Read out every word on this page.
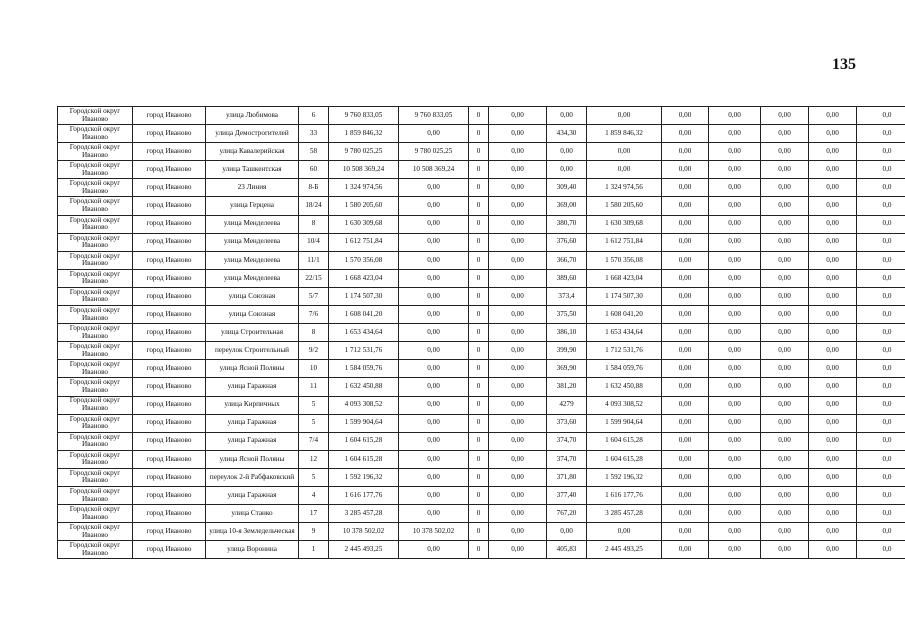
135
Городской округ Иваново	город Иваново	улица Любимова	6	9 760 833,05	9 760 833,05	0	0,00	0,00	0,00	0,00	0,00	0,00	0,00	0,0
Городской округ Иваново	город Иваново	улица Демострогителей	33	1 859 846,32	0,00	0	0,00	434,30	1 859 846,32	0,00	0,00	0,00	0,00	0,0
Городской округ Иваново	город Иваново	улица Кавалерийская	58	9 780 025,25	9 780 025,25	0	0,00	0,00	0,00	0,00	0,00	0,00	0,00	0,0
Городской округ Иваново	город Иваново	улица Ташкентская	60	10 508 369,24	10 508 369,24	0	0,00	0,00	0,00	0,00	0,00	0,00	0,00	0,0
Городской округ Иваново	город Иваново	23 Линия	8-Б	1 324 974,56	0,00	0	0,00	309,40	1 324 974,56	0,00	0,00	0,00	0,00	0,0
Городской округ Иваново	город Иваново	улица Герцена	18/24	1 580 205,60	0,00	0	0,00	369,00	1 580 205,60	0,00	0,00	0,00	0,00	0,0
Городской округ Иваново	город Иваново	улица Менделеева	8	1 630 309,68	0,00	0	0,00	380,70	1 630 309,68	0,00	0,00	0,00	0,00	0,0
Городской округ Иваново	город Иваново	улица Менделеева	10/4	1 612 751,84	0,00	0	0,00	376,60	1 612 751,84	0,00	0,00	0,00	0,00	0,0
Городской округ Иваново	город Иваново	улица Менделеева	11/1	1 570 356,08	0,00	0	0,00	366,70	1 570 356,08	0,00	0,00	0,00	0,00	0,0
Городской округ Иваново	город Иваново	улица Менделеева	22/15	1 668 423,04	0,00	0	0,00	389,60	1 668 423,04	0,00	0,00	0,00	0,00	0,0
Городской округ Иваново	город Иваново	улица Союзная	5/7	1 174 507,30	0,00	0	0,00	373,4	1 174 507,30	0,00	0,00	0,00	0,00	0,0
Городской округ Иваново	город Иваново	улица Союзная	7/6	1 608 041,20	0,00	0	0,00	375,50	1 608 041,20	0,00	0,00	0,00	0,00	0,0
Городской округ Иваново	город Иваново	улица Строительная	8	1 653 434,64	0,00	0	0,00	386,10	1 653 434,64	0,00	0,00	0,00	0,00	0,0
Городской округ Иваново	город Иваново	переулок Строительный	9/2	1 712 531,76	0,00	0	0,00	399,90	1 712 531,76	0,00	0,00	0,00	0,00	0,0
Городской округ Иваново	город Иваново	улица Ясной Поляны	10	1 584 059,76	0,00	0	0,00	369,90	1 584 059,76	0,00	0,00	0,00	0,00	0,0
Городской округ Иваново	город Иваново	улица Гаражная	11	1 632 450,88	0,00	0	0,00	381,20	1 632 450,88	0,00	0,00	0,00	0,00	0,0
Городской округ Иваново	город Иваново	улица Кирпичных	5	4 093 308,52	0,00	0	0,00	4279	4 093 308,52	0,00	0,00	0,00	0,00	0,0
Городской округ Иваново	город Иваново	улица Гаражная	5	1 599 904,64	0,00	0	0,00	373,60	1 599 904,64	0,00	0,00	0,00	0,00	0,0
Городской округ Иваново	город Иваново	улица Гаражная	7/4	1 604 615,28	0,00	0	0,00	374,70	1 604 615,28	0,00	0,00	0,00	0,00	0,0
Городской округ Иваново	город Иваново	улица Ясной Поляны	12	1 604 615,28	0,00	0	0,00	374,70	1 604 615,28	0,00	0,00	0,00	0,00	0,0
Городской округ Иваново	город Иваново	переулок 2-й Рабфаковский	5	1 592 196,32	0,00	0	0,00	371,80	1 592 196,32	0,00	0,00	0,00	0,00	0,0
Городской округ Иваново	город Иваново	улица Гаражная	4	1 616 177,76	0,00	0	0,00	377,40	1 616 177,76	0,00	0,00	0,00	0,00	0,0
Городской округ Иваново	город Иваново	улица Станко	17	3 285 457,28	0,00	0	0,00	767,20	3 285 457,28	0,00	0,00	0,00	0,00	0,0
Городской округ Иваново	город Иваново	улица 10-я Земледельческая	9	10 378 502,02	10 378 502,02	0	0,00	0,00	0,00	0,00	0,00	0,00	0,00	0,0
Городской округ Иваново	город Иваново	улица Воронина	1	2 445 493,25	0,00	0	0,00	405,83	2 445 493,25	0,00	0,00	0,00	0,00	0,0
